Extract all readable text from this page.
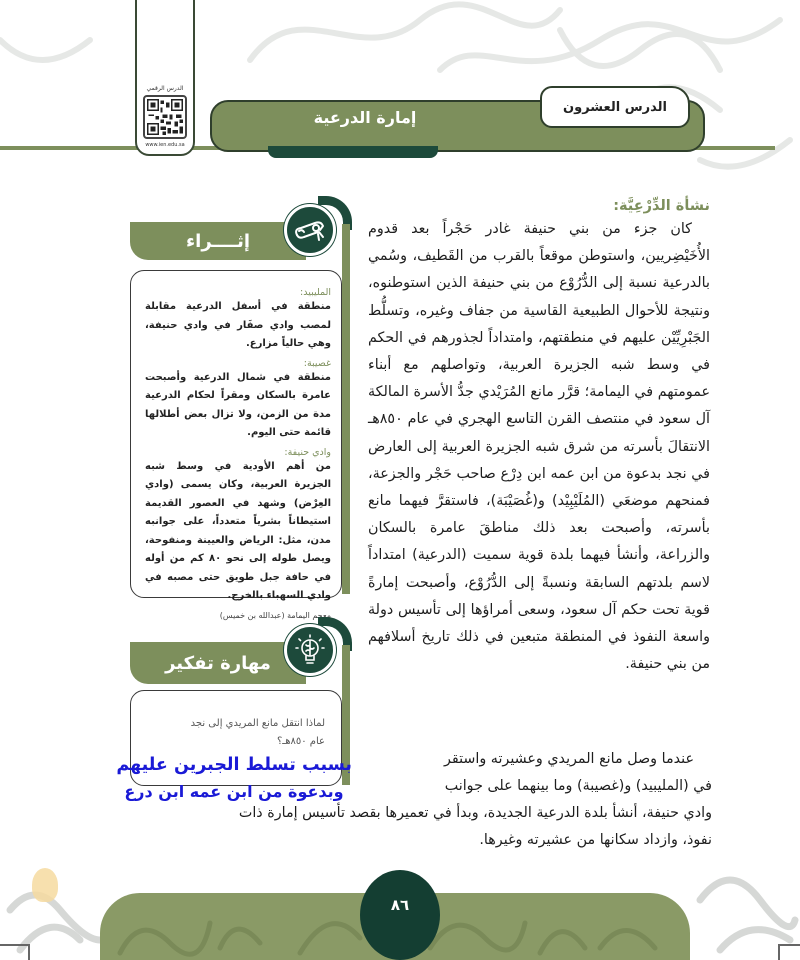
إمارة الدرعية
الدرس العشرون
الدرس الرقمي
www.ien.edu.sa
نشأة الدِّرْعِيَّة:

كان جزء من بني حنيفة غادر حَجْراً بعد قدوم الأُخَيْضِريين، واستوطن موقعاً بالقرب من القَطيف، وسُمي بالدرعية نسبة إلى الدُّرُوْع من بني حنيفة الذين استوطنوه، ونتيجة للأحوال الطبيعية القاسية من جفاف وغيره، وتسلُّط الجَبْرِيِّيْن عليهم في منطقتهم، وامتداداً لجذورهم في الحكم في وسط شبه الجزيرة العربية، وتواصلهم مع أبناء عمومتهم في اليمامة؛ قرَّر مانع المُرَيْدي جدُّ الأسرة المالكة آل سعود في منتصف القرن التاسع الهجري في عام ٨٥٠هـ الانتقالَ بأسرته من شرق شبه الجزيرة العربية إلى العارض في نجد بدعوة من ابن عمه ابن دِرْع صاحب حَجْر والجزعة، فمنحهم موضعَي (المُلَيْبِيْد) و(غُصَيْبَة)، فاستقرَّ فيهما مانع بأسرته، وأصبحت بعد ذلك مناطقَ عامرة بالسكان والزراعة، وأنشأ فيهما بلدة قوية سميت (الدرعية) امتداداً لاسم بلدتهم السابقة ونسبةً إلى الدُّرُوْع، وأصبحت إمارةً قوية تحت حكم آل سعود، وسعى أمراؤها إلى تأسيس دولة واسعة النفوذ في المنطقة متبعين في ذلك تاريخ أسلافهم من بني حنيفة.

عندما وصل مانع المريدي وعشيرته واستقر
في (المليبيد) و(غصيبة) وما بينهما على جوانب
وادي حنيفة، أنشأ بلدة الدرعية الجديدة، وبدأ في تعميرها بقصد تأسيس إمارة ذات
نفوذ، وازداد سكانها من عشيرته وغيرها.
إثــــراء
المليبيد:
منطقة في أسفل الدرعية مقابلة لمصب وادي صفَار في وادي حنيفة، وهي حالياً مزارع.
غصيبة:
منطقة في شمال الدرعية وأصبحت عامرة بالسكان ومقراً لحكام الدرعية مدة من الزمن، ولا تزال بعض أطلالها قائمة حتى اليوم.
وادي حنيفة:
من أهم الأودية في وسط شبه الجزيرة العربية، وكان يسمى (وادي العِرْض) وشهد في العصور القديمة استيطاناً بشرياً متعدداً، على جوانبه مدن، مثل: الرياض والعيينة ومنفوحة، ويصل طوله إلى نحو ٨٠ كم من أوله في حافة جبل طويق حتى مصبه في وادي السهباء بالخرج.
معجم اليمامة (عبدالله بن خميس)
مهارة تفكير
لماذا انتقل مانع المريدي إلى نجد عام ٨٥٠هـ؟
بسبب تسلط الجبرين عليهم
وبدعوة من ابن عمه ابن درع
٨٦
